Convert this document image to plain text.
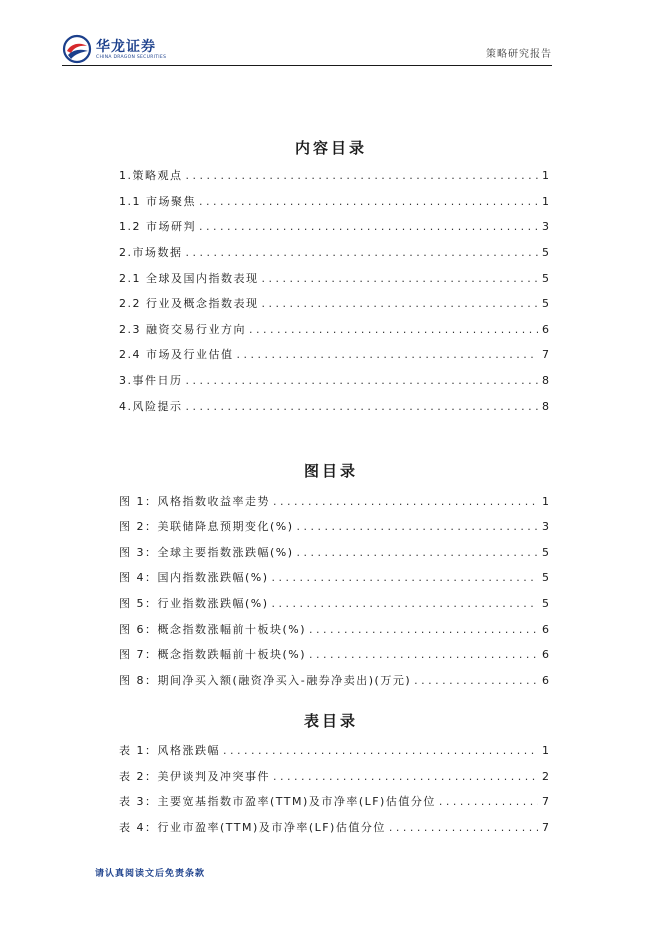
华龙证券
CHINA DRAGON SECURITIES	策略研究报告
内容目录
1.策略观点 . . .	1
1.1 市场聚焦 . . .	1
1.2 市场研判 . . .	3
2.市场数据 . . .	5
2.1 全球及国内指数表现 . . .	5
2.2 行业及概念指数表现 . . .	5
2.3 融资交易行业方向 . . .	6
2.4 市场及行业估值 . . .	7
3.事件日历 . . .	8
4.风险提示 . . .	8
图目录
图 1：风格指数收益率走势 . . .	1
图 2：美联储降息预期变化(%) . . .	3
图 3：全球主要指数涨跌幅(%) . . .	5
图 4：国内指数涨跌幅(%) . . .	5
图 5：行业指数涨跌幅(%) . . .	5
图 6：概念指数涨幅前十板块(%) . . .	6
图 7：概念指数跌幅前十板块(%) . . .	6
图 8：期间净买入额(融资净买入-融券净卖出)(万元) . . .	6
表目录
表 1：风格涨跌幅 . . .	1
表 2：美伊谈判及冲突事件 . . .	2
表 3：主要宽基指数市盈率(TTM)及市净率(LF)估值分位 . . .	7
表 4：行业市盈率(TTM)及市净率(LF)估值分位 . . .	7
请认真阅读文后免责条款
